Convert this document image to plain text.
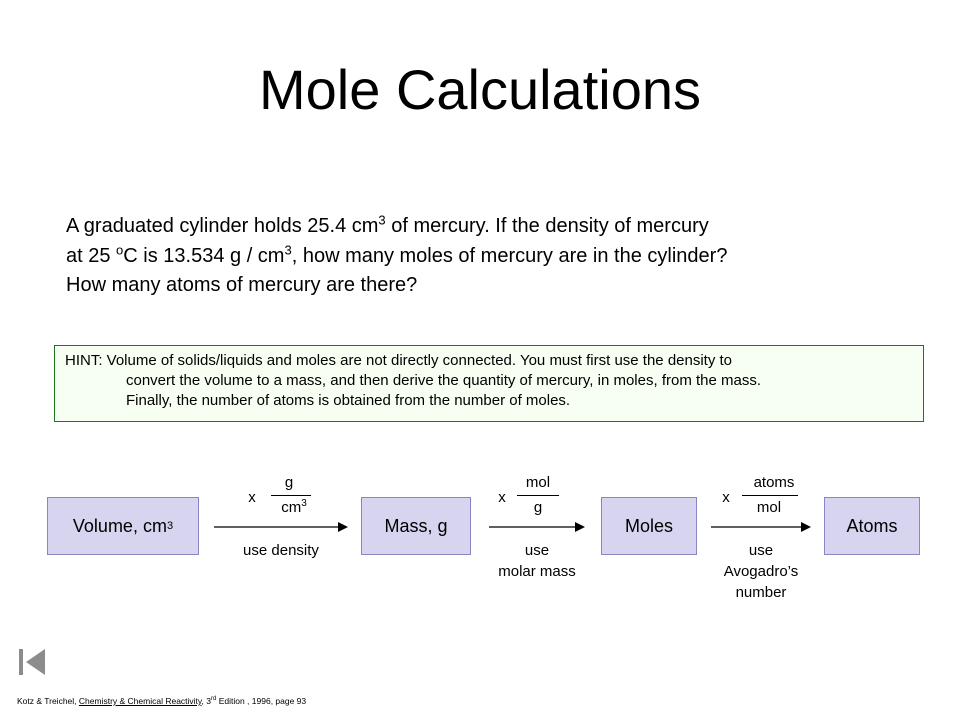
Mole Calculations
A graduated cylinder holds 25.4 $cm^3$ of mercury. If the density of mercury
at 25 $^o$C is 13.534 g / $cm^3$, how many moles of mercury are in the cylinder?
How many atoms of mercury are there?
HINT: Volume of solids/liquids and moles are not directly connected. You must first use the density to
convert the volume to a mass, and then derive the quantity of mercury, in moles, from the mass.
Finally, the number of atoms is obtained from the number of moles.
Volume, cm 3	Mass, g	Moles	Atoms
x
g
$cm^3$
use density
x
mol
g
use
molar mass
x
atoms
mol
use
Avogadro’s
number
Kotz & Treichel, Chemistry & Chemical Reactivity, 3rd Edition , 1996, page 93
